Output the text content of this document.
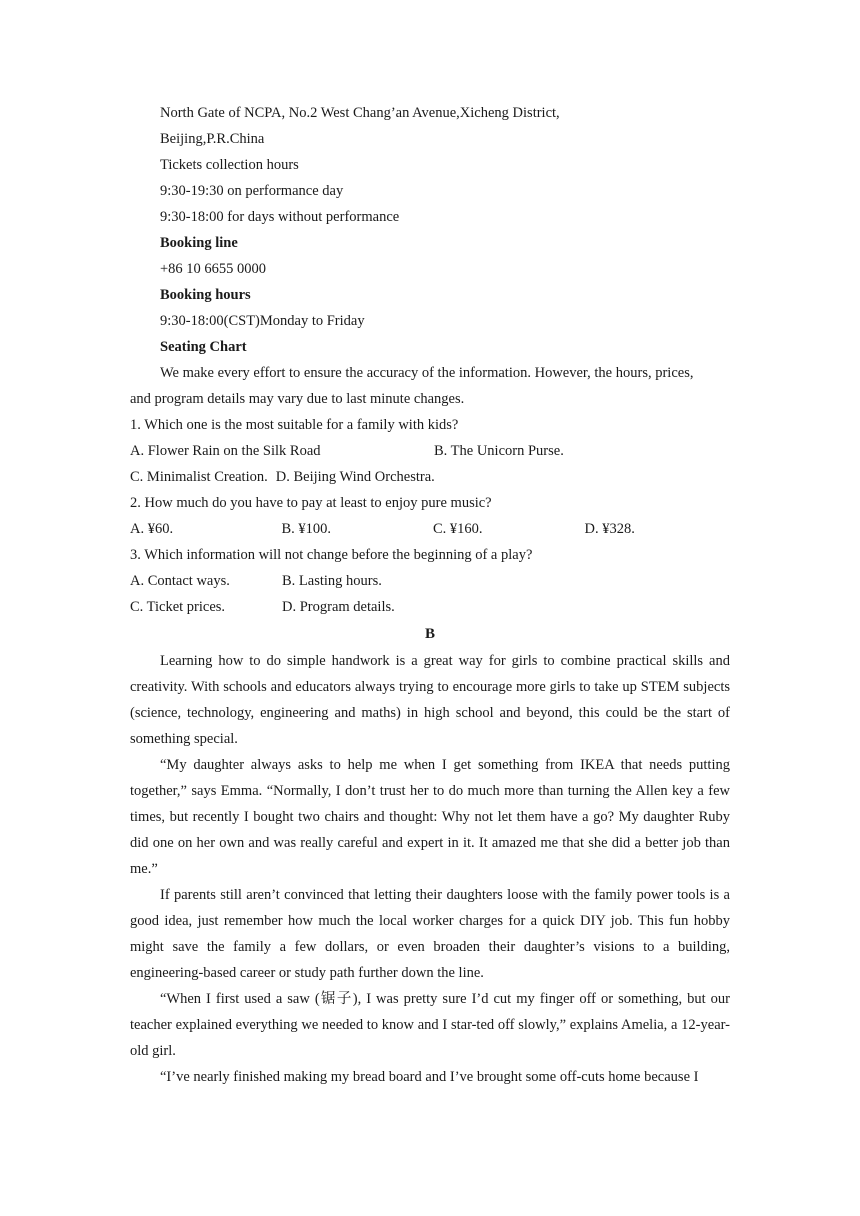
North Gate of NCPA, No.2 West Chang’an Avenue,Xicheng District,
Beijing,P.R.China
Tickets collection hours
9:30-19:30 on performance day
9:30-18:00 for days without performance
Booking line
+86 10 6655 0000
Booking hours
9:30-18:00(CST)Monday to Friday
Seating Chart
We make every effort to ensure the accuracy of the information. However, the hours, prices,
and program details may vary due to last minute changes.
1. Which one is the most suitable for a family with kids?
A. Flower Rain on the Silk Road	B. The Unicorn Purse.
C. Minimalist Creation. D. Beijing Wind Orchestra.
2. How much do you have to pay at least to enjoy pure music?
A. ¥60.	B. ¥100.	C. ¥160.	D. ¥328.
3. Which information will not change before the beginning of a play?
A. Contact ways.	B. Lasting hours.
C. Ticket prices.	D. Program details.
B
Learning how to do simple handwork is a great way for girls to combine practical skills and creativity. With schools and educators always trying to encourage more girls to take up STEM subjects (science, technology, engineering and maths) in high school and beyond, this could be the start of something special.
“My daughter always asks to help me when I get something from IKEA that needs putting together,” says Emma. “Normally, I don’t trust her to do much more than turning the Allen key a few times, but recently I bought two chairs and thought: Why not let them have a go? My daughter Ruby did one on her own and was really careful and expert in it. It amazed me that she did a better job than me.”
If parents still aren’t convinced that letting their daughters loose with the family power tools is a good idea, just remember how much the local worker charges for a quick DIY job. This fun hobby might save the family a few dollars, or even broaden their daughter’s visions to a building, engineering-based career or study path further down the line.
“When I first used a saw (锯子), I was pretty sure I’d cut my finger off or something, but our teacher explained everything we needed to know and I star-ted off slowly,” explains Amelia, a 12-year-old girl.
“I’ve nearly finished making my bread board and I’ve brought some off-cuts home because I
